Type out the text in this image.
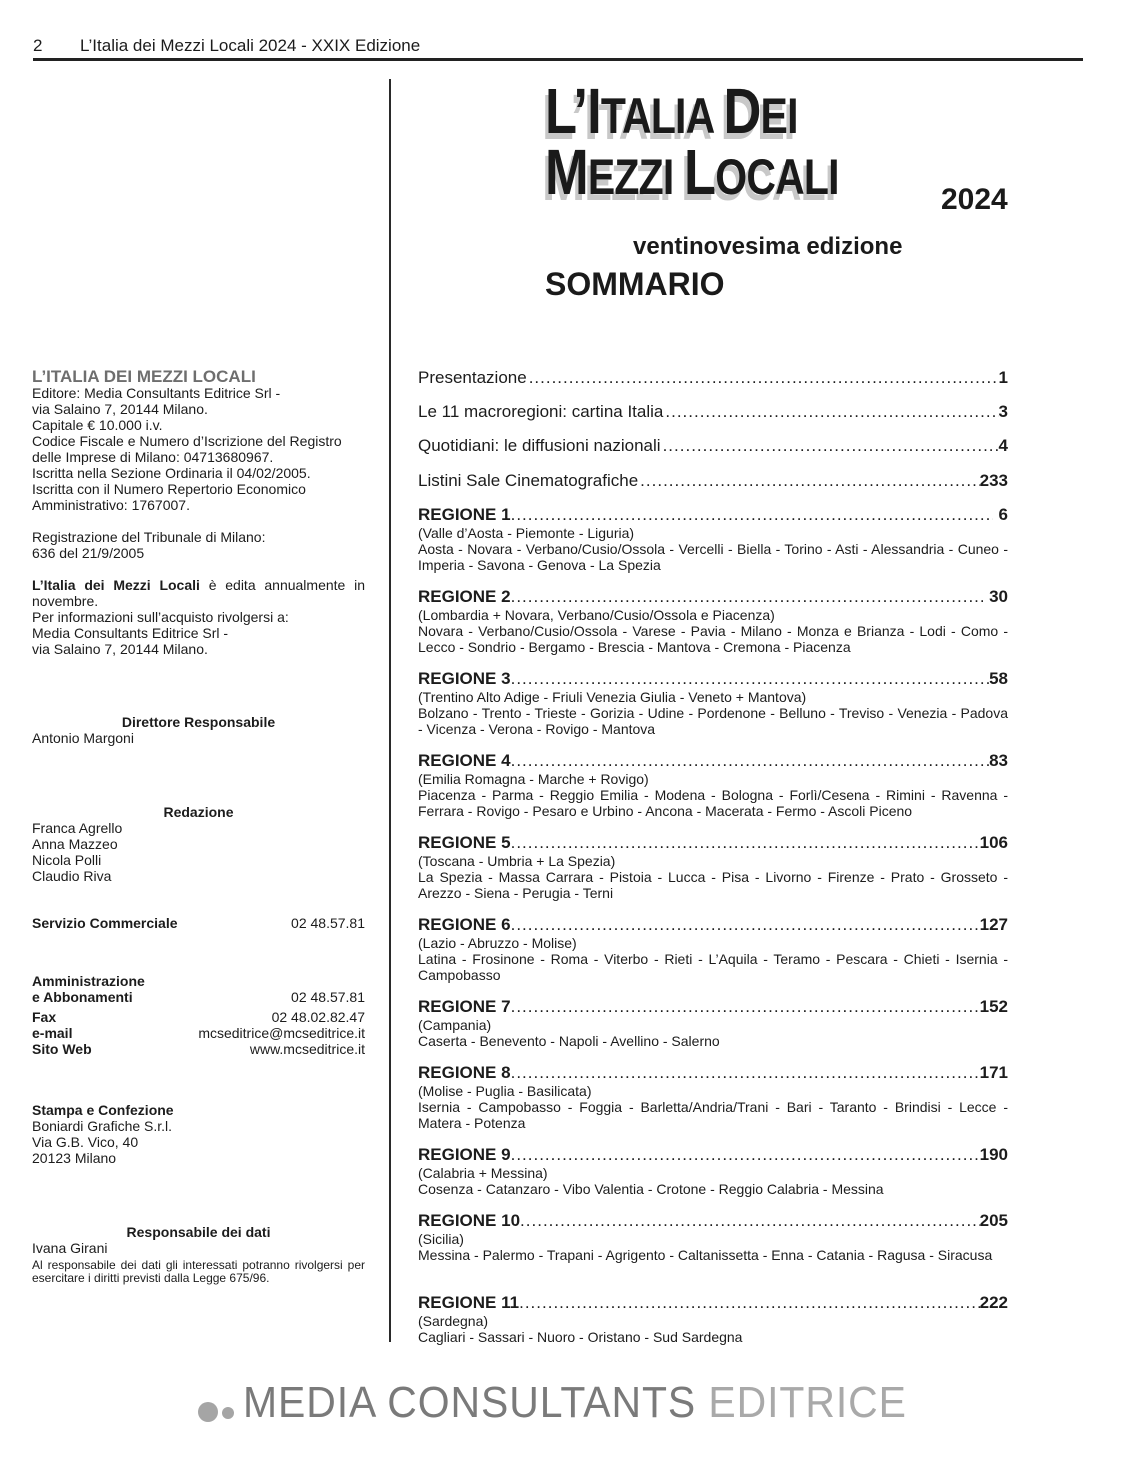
2 L’Italia dei Mezzi Locali 2024 - XXIX Edizione
L’ITALIA DEI
MEZZI LOCALI	2024
ventinovesima edizione
SOMMARIO

L’ITALIA DEI MEZZI LOCALI

Editore: Media Consultants Editrice Srl -

via Salaino 7, 20144 Milano.

Capitale € 10.000 i.v.

Codice Fiscale e Numero d’Iscrizione del Registro

delle Imprese di Milano: 04713680967.

Iscritta nella Sezione Ordinaria il 04/02/2005.

Iscritta con il Numero Repertorio Economico

Amministrativo: 1767007.

Registrazione del Tribunale di Milano:

636 del 21/9/2005

L’Italia dei Mezzi Locali è edita annualmente in novembre.

Per informazioni sull’acquisto rivolgersi a:

Media Consultants Editrice Srl -

via Salaino 7, 20144 Milano.

Direttore Responsabile

Antonio Margoni

Redazione

Franca Agrello

Anna Mazzeo

Nicola Polli

Claudio Riva

Servizio Commerciale	02 48.57.81

Amministrazione

e Abbonamenti	02 48.57.81
Fax	02 48.02.82.47
e-mail	mcseditrice@mcseditrice.it
Sito Web	www.mcseditrice.it

Stampa e Confezione

Boniardi Grafiche S.r.l.

Via G.B. Vico, 40

20123 Milano

Responsabile dei dati

Ivana Girani

Al responsabile dei dati gli interessati potranno rivolgersi per esercitare i diritti previsti dalla Legge 675/96.

Presentazione .....	1
Le 11 macroregioni: cartina Italia .....	3
Quotidiani: le diffusioni nazionali .....	4
Listini Sale Cinematografiche .....	233
REGIONE 1 .....	6
(Valle d’Aosta - Piemonte - Liguria)
Aosta - Novara - Verbano/Cusio/Ossola - Vercelli - Biella - Torino - Asti - Alessandria - Cuneo - Imperia - Savona - Genova - La Spezia
REGIONE 2 .....	30
(Lombardia + Novara, Verbano/Cusio/Ossola e Piacenza)
Novara - Verbano/Cusio/Ossola - Varese - Pavia - Milano - Monza e Brianza - Lodi - Como - Lecco - Sondrio - Bergamo - Brescia - Mantova - Cremona - Piacenza
REGIONE 3 .....	58
(Trentino Alto Adige - Friuli Venezia Giulia - Veneto + Mantova)
Bolzano - Trento - Trieste - Gorizia - Udine - Pordenone - Belluno - Treviso - Venezia - Padova - Vicenza - Verona - Rovigo - Mantova
REGIONE 4 .....	83
(Emilia Romagna - Marche + Rovigo)
Piacenza - Parma - Reggio Emilia - Modena - Bologna - Forlì/Cesena - Rimini - Ravenna - Ferrara - Rovigo - Pesaro e Urbino - Ancona - Macerata - Fermo - Ascoli Piceno
REGIONE 5 .....	106
(Toscana - Umbria + La Spezia)
La Spezia - Massa Carrara - Pistoia - Lucca - Pisa - Livorno - Firenze - Prato - Grosseto - Arezzo - Siena - Perugia - Terni
REGIONE 6 .....	127
(Lazio - Abruzzo - Molise)
Latina - Frosinone - Roma - Viterbo - Rieti - L’Aquila - Teramo - Pescara - Chieti - Isernia - Campobasso
REGIONE 7 .....	152
(Campania)
Caserta - Benevento - Napoli - Avellino - Salerno
REGIONE 8 .....	171
(Molise - Puglia - Basilicata)
Isernia - Campobasso - Foggia - Barletta/Andria/Trani - Bari - Taranto - Brindisi - Lecce - Matera - Potenza
REGIONE 9 .....	190
(Calabria + Messina)
Cosenza - Catanzaro - Vibo Valentia - Crotone - Reggio Calabria - Messina
REGIONE 10 .....	205
(Sicilia)
Messina - Palermo - Trapani - Agrigento - Caltanissetta - Enna - Catania - Ragusa - Siracusa
REGIONE 11 .....	222
(Sardegna)
Cagliari - Sassari - Nuoro - Oristano - Sud Sardegna
MEDIA CONSULTANTS EDITRICE
